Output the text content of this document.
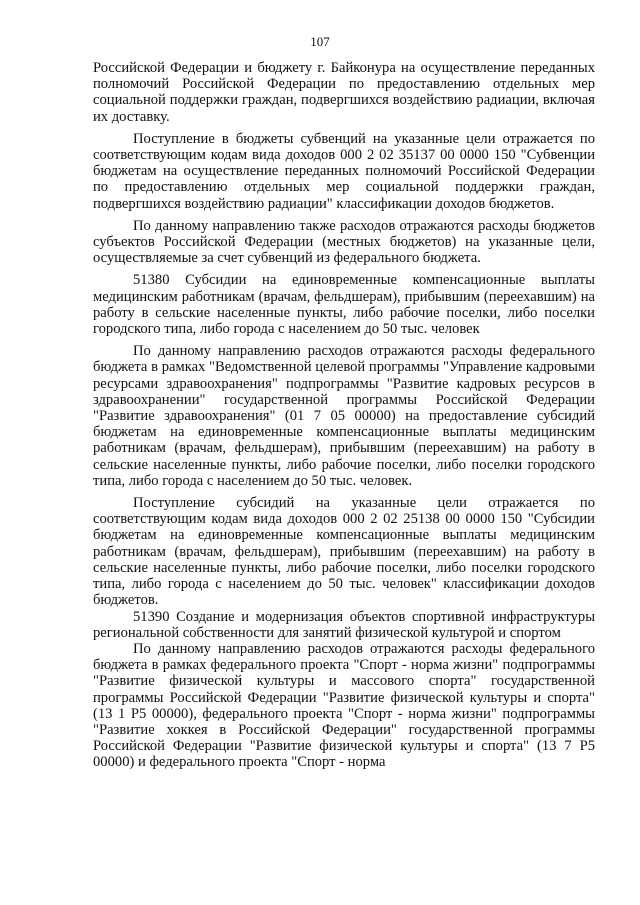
107

Российской Федерации и бюджету г. Байконура на осуществление переданных полномочий Российской Федерации по предоставлению отдельных мер социальной поддержки граждан, подвергшихся воздействию радиации, включая их доставку.

Поступление в бюджеты субвенций на указанные цели отражается по соответствующим кодам вида доходов 000 2 02 35137 00 0000 150 "Субвенции бюджетам на осуществление переданных полномочий Российской Федерации по предоставлению отдельных мер социальной поддержки граждан, подвергшихся воздействию радиации" классификации доходов бюджетов.

По данному направлению также расходов отражаются расходы бюджетов субъектов Российской Федерации (местных бюджетов) на указанные цели, осуществляемые за счет субвенций из федерального бюджета.

51380 Субсидии на единовременные компенсационные выплаты медицинским работникам (врачам, фельдшерам), прибывшим (переехавшим) на работу в сельские населенные пункты, либо рабочие поселки, либо поселки городского типа, либо города с населением до 50 тыс. человек

По данному направлению расходов отражаются расходы федерального бюджета в рамках "Ведомственной целевой программы "Управление кадровыми ресурсами здравоохранения" подпрограммы "Развитие кадровых ресурсов в здравоохранении" государственной программы Российской Федерации "Развитие здравоохранения" (01 7 05 00000) на предоставление субсидий бюджетам на единовременные компенсационные выплаты медицинским работникам (врачам, фельдшерам), прибывшим (переехавшим) на работу в сельские населенные пункты, либо рабочие поселки, либо поселки городского типа, либо города с населением до 50 тыс. человек.

Поступление субсидий на указанные цели отражается по соответствующим кодам вида доходов 000 2 02 25138 00 0000 150 "Субсидии бюджетам на единовременные компенсационные выплаты медицинским работникам (врачам, фельдшерам), прибывшим (переехавшим) на работу в сельские населенные пункты, либо рабочие поселки, либо поселки городского типа, либо города с населением до 50 тыс. человек" классификации доходов бюджетов.

51390 Создание и модернизация объектов спортивной инфраструктуры региональной собственности для занятий физической культурой и спортом

По данному направлению расходов отражаются расходы федерального бюджета в рамках федерального проекта "Спорт - норма жизни" подпрограммы "Развитие физической культуры и массового спорта" государственной программы Российской Федерации "Развитие физической культуры и спорта" (13 1 P5 00000), федерального проекта "Спорт - норма жизни" подпрограммы "Развитие хоккея в Российской Федерации" государственной программы Российской Федерации "Развитие физической культуры и спорта" (13 7 P5 00000) и федерального проекта "Спорт - норма
